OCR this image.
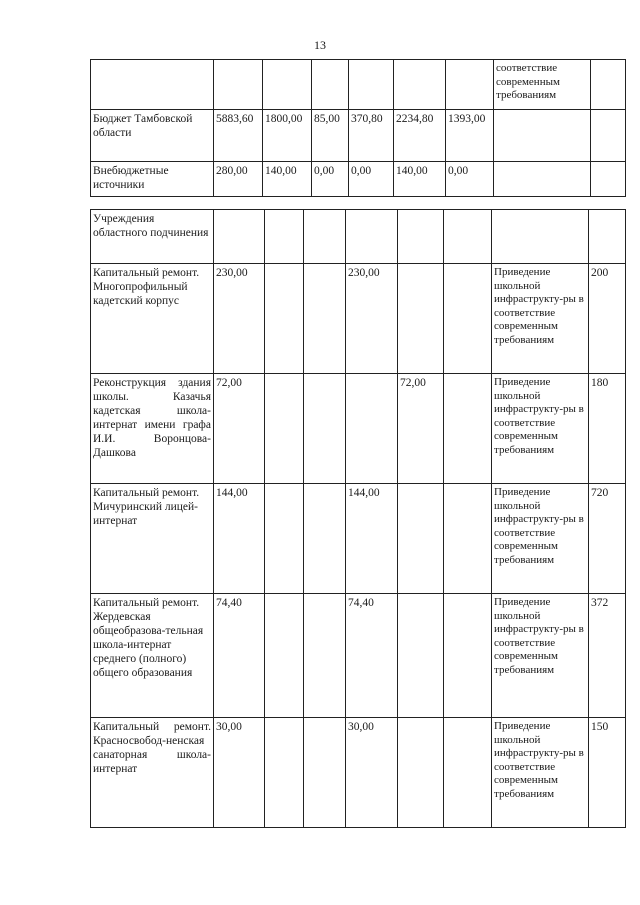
13
							соответствие современным требованиям	
Бюджет Тамбовской области	5883,60	1800,00	85,00	370,80	2234,80	1393,00		
Внебюджетные источники	280,00	140,00	0,00	0,00	140,00	0,00		
Учреждения областного подчинения								
Капитальный ремонт. Многопрофильный кадетский корпус	230,00			230,00			Приведение школьной инфраструкту-ры в соответствие современным требованиям	200
Реконструкция здания школы. Казачья кадетская школа-интернат имени графа И.И. Воронцова-Дашкова	72,00				72,00		Приведение школьной инфраструкту-ры в соответствие современным требованиям	180
Капитальный ремонт. Мичуринский лицей-интернат	144,00			144,00			Приведение школьной инфраструкту-ры в соответствие современным требованиям	720
Капитальный ремонт. Жердевская общеобразова-тельная школа-интернат среднего (полного) общего образования	74,40			74,40			Приведение школьной инфраструкту-ры в соответствие современным требованиям	372
Капитальный ремонт. Красносвобод-ненская санаторная школа-интернат	30,00			30,00			Приведение школьной инфраструкту-ры в соответствие современным требованиям	150
